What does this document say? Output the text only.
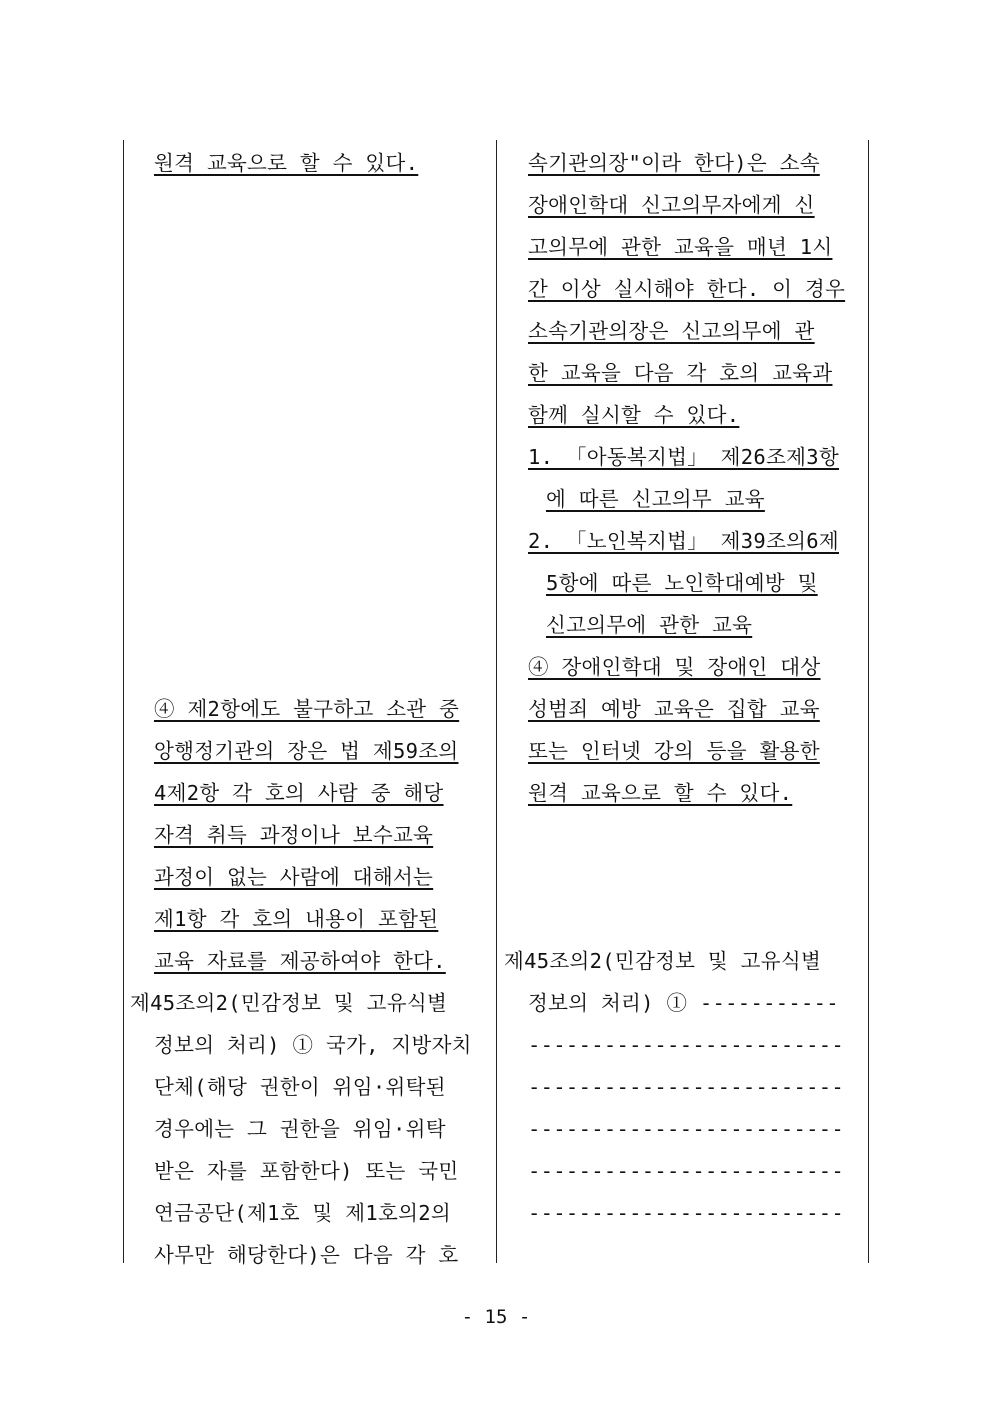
원격 교육으로 할 수 있다.
④ 제2항에도 불구하고 소관 중
앙행정기관의 장은 법 제59조의
4제2항 각 호의 사람 중 해당
자격 취득 과정이나 보수교육
과정이 없는 사람에 대해서는
제1항 각 호의 내용이 포함된
교육 자료를 제공하여야 한다.
제45조의2(민감정보 및 고유식별
정보의 처리) ① 국가, 지방자치
단체(해당 권한이 위임·위탁된
경우에는 그 권한을 위임·위탁
받은 자를 포함한다) 또는 국민
연금공단(제1호 및 제1호의2의
사무만 해당한다)은 다음 각 호
속기관의장"이라 한다)은 소속
장애인학대 신고의무자에게 신
고의무에 관한 교육을 매년 1시
간 이상 실시해야 한다. 이 경우
소속기관의장은 신고의무에 관
한 교육을 다음 각 호의 교육과
함께 실시할 수 있다.
1. 「아동복지법」 제26조제3항
에 따른 신고의무 교육
2. 「노인복지법」 제39조의6제
5항에 따른 노인학대예방 및
신고의무에 관한 교육
④ 장애인학대 및 장애인 대상
성범죄 예방 교육은 집합 교육
또는 인터넷 강의 등을 활용한
원격 교육으로 할 수 있다.
제45조의2(민감정보 및 고유식별
정보의 처리) ① -----------
-------------------------
-------------------------
-------------------------
-------------------------
-------------------------
- 15 -
